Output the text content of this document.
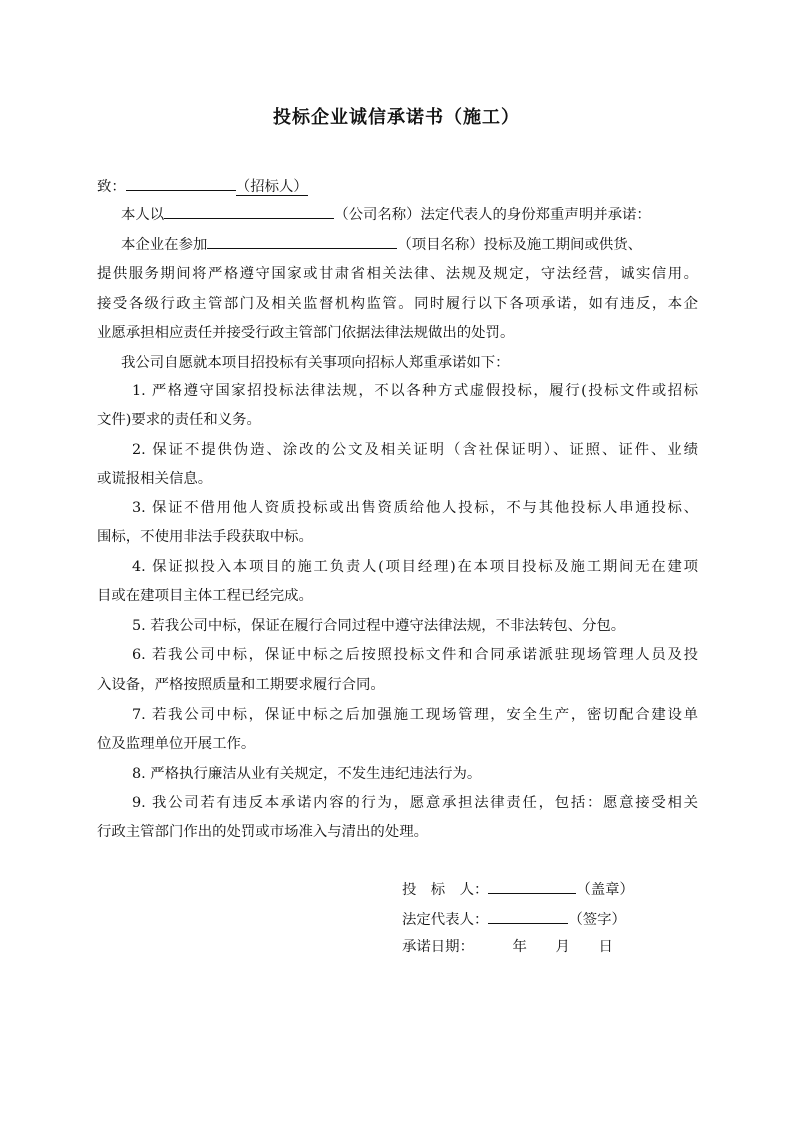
投标企业诚信承诺书（施工）
致：	（招标人）
本人以	（公司名称）法定代表人的身份郑重声明并承诺：
本企业在参加	（项目名称）投标及施工期间或供货、
提供服务期间将严格遵守国家或甘肃省相关法律、法规及规定，守法经营，诚实信用。
接受各级行政主管部门及相关监督机构监管。同时履行以下各项承诺，如有违反，本企
业愿承担相应责任并接受行政主管部门依据法律法规做出的处罚。
我公司自愿就本项目招投标有关事项向招标人郑重承诺如下：
1. 严格遵守国家招投标法律法规，不以各种方式虚假投标，履行(投标文件或招标
文件)要求的责任和义务。
2. 保证不提供伪造、涂改的公文及相关证明（含社保证明）、证照、证件、业绩
或谎报相关信息。
3. 保证不借用他人资质投标或出售资质给他人投标，不与其他投标人串通投标、
围标，不使用非法手段获取中标。
4. 保证拟投入本项目的施工负责人(项目经理)在本项目投标及施工期间无在建项
目或在建项目主体工程已经完成。
5. 若我公司中标，保证在履行合同过程中遵守法律法规，不非法转包、分包。
6. 若我公司中标，保证中标之后按照投标文件和合同承诺派驻现场管理人员及投
入设备，严格按照质量和工期要求履行合同。
7. 若我公司中标，保证中标之后加强施工现场管理，安全生产，密切配合建设单
位及监理单位开展工作。
8. 严格执行廉洁从业有关规定，不发生违纪违法行为。
9. 我公司若有违反本承诺内容的行为，愿意承担法律责任，包括：愿意接受相关
行政主管部门作出的处罚或市场准入与清出的处理。
投　标　人：	（盖章）
法定代表人：	（签字）
承诺日期：	年 月 日
